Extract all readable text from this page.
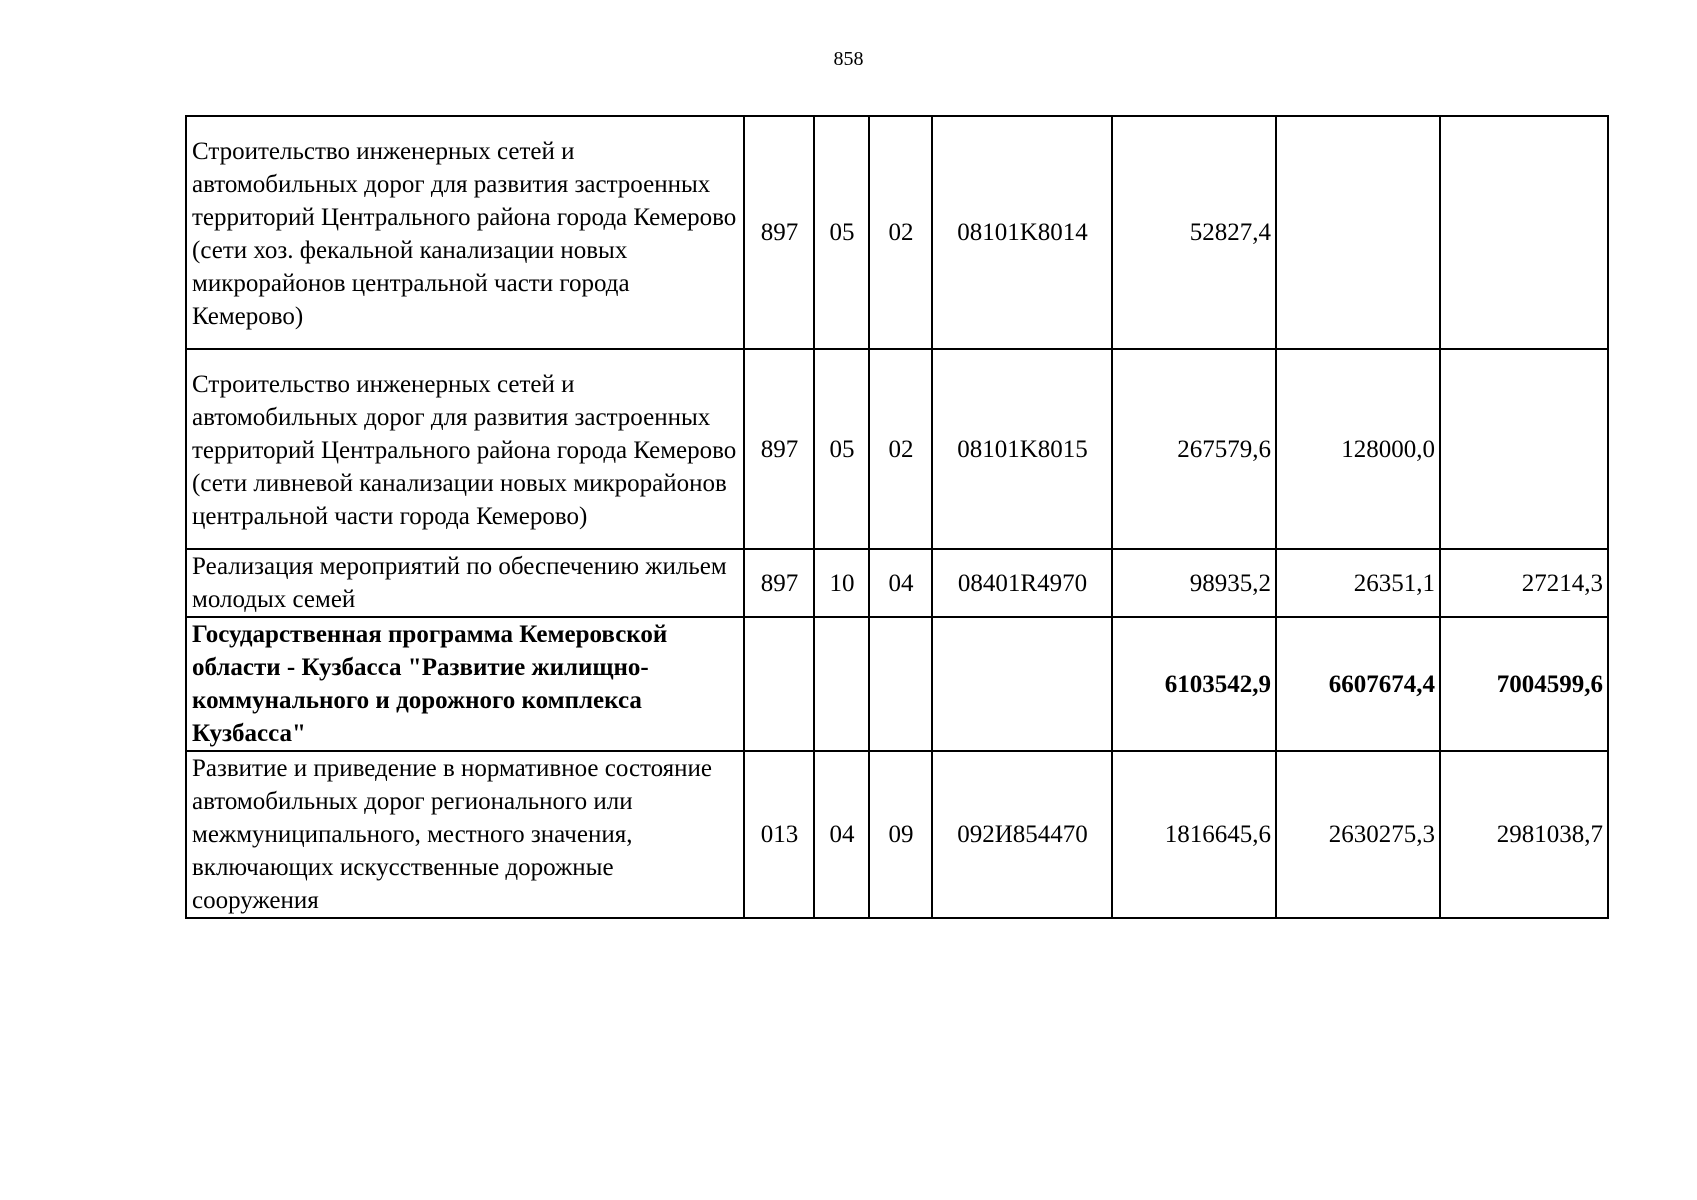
858
Строительство инженерных сетей и автомобильных дорог для развития застроенных территорий Центрального района города Кемерово (сети хоз. фекальной канализации новых микрорайонов центральной части города Кемерово)	897	05	02	08101K8014	52827,4		
Строительство инженерных сетей и автомобильных дорог для развития застроенных территорий Центрального района города Кемерово (сети ливневой канализации новых микрорайонов центральной части города Кемерово)	897	05	02	08101K8015	267579,6	128000,0	
Реализация мероприятий по обеспечению жильем молодых семей	897	10	04	08401R4970	98935,2	26351,1	27214,3
Государственная программа Кемеровской области - Кузбасса "Развитие жилищно-коммунального и дорожного комплекса Кузбасса"					6103542,9	6607674,4	7004599,6
Развитие и приведение в нормативное состояние автомобильных дорог регионального или межмуниципального, местного значения, включающих искусственные дорожные сооружения	013	04	09	092И854470	1816645,6	2630275,3	2981038,7
